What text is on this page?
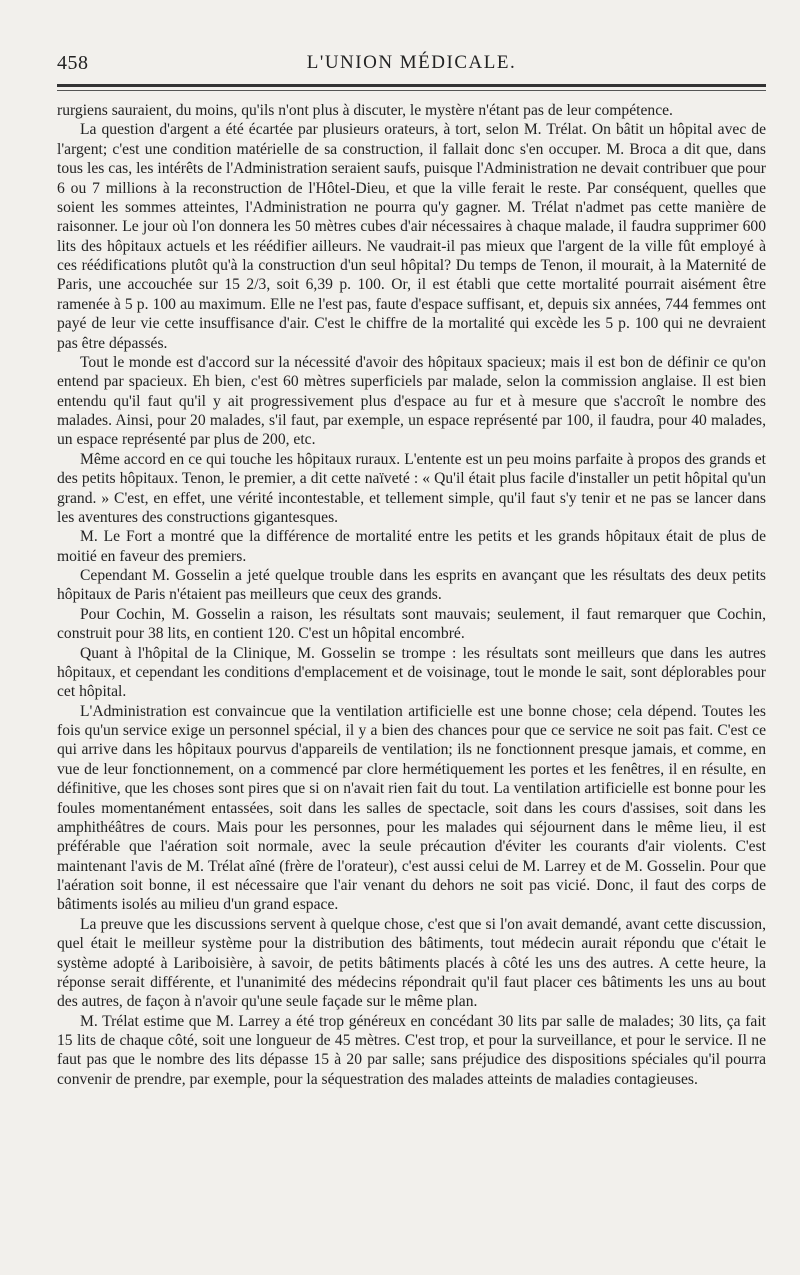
458	L'UNION MÉDICALE.

rurgiens sauraient, du moins, qu'ils n'ont plus à discuter, le mystère n'étant pas de leur compétence.

La question d'argent a été écartée par plusieurs orateurs, à tort, selon M. Trélat. On bâtit un hôpital avec de l'argent; c'est une condition matérielle de sa construction, il fallait donc s'en occuper. M. Broca a dit que, dans tous les cas, les intérêts de l'Administration seraient saufs, puisque l'Administration ne devait contribuer que pour 6 ou 7 millions à la reconstruction de l'Hôtel-Dieu, et que la ville ferait le reste. Par conséquent, quelles que soient les sommes atteintes, l'Administration ne pourra qu'y gagner. M. Trélat n'admet pas cette manière de raisonner. Le jour où l'on donnera les 50 mètres cubes d'air nécessaires à chaque malade, il faudra supprimer 600 lits des hôpitaux actuels et les réédifier ailleurs. Ne vaudrait-il pas mieux que l'argent de la ville fût employé à ces réédifications plutôt qu'à la construction d'un seul hôpital? Du temps de Tenon, il mourait, à la Maternité de Paris, une accouchée sur 15 2/3, soit 6,39 p. 100. Or, il est établi que cette mortalité pourrait aisément être ramenée à 5 p. 100 au maximum. Elle ne l'est pas, faute d'espace suffisant, et, depuis six années, 744 femmes ont payé de leur vie cette insuffisance d'air. C'est le chiffre de la mortalité qui excède les 5 p. 100 qui ne devraient pas être dépassés.

Tout le monde est d'accord sur la nécessité d'avoir des hôpitaux spacieux; mais il est bon de définir ce qu'on entend par spacieux. Eh bien, c'est 60 mètres superficiels par malade, selon la commission anglaise. Il est bien entendu qu'il faut qu'il y ait progressivement plus d'espace au fur et à mesure que s'accroît le nombre des malades. Ainsi, pour 20 malades, s'il faut, par exemple, un espace représenté par 100, il faudra, pour 40 malades, un espace représenté par plus de 200, etc.

Même accord en ce qui touche les hôpitaux ruraux. L'entente est un peu moins parfaite à propos des grands et des petits hôpitaux. Tenon, le premier, a dit cette naïveté : « Qu'il était plus facile d'installer un petit hôpital qu'un grand. » C'est, en effet, une vérité incontestable, et tellement simple, qu'il faut s'y tenir et ne pas se lancer dans les aventures des constructions gigantesques.

M. Le Fort a montré que la différence de mortalité entre les petits et les grands hôpitaux était de plus de moitié en faveur des premiers.

Cependant M. Gosselin a jeté quelque trouble dans les esprits en avançant que les résultats des deux petits hôpitaux de Paris n'étaient pas meilleurs que ceux des grands.

Pour Cochin, M. Gosselin a raison, les résultats sont mauvais; seulement, il faut remarquer que Cochin, construit pour 38 lits, en contient 120. C'est un hôpital encombré.

Quant à l'hôpital de la Clinique, M. Gosselin se trompe : les résultats sont meilleurs que dans les autres hôpitaux, et cependant les conditions d'emplacement et de voisinage, tout le monde le sait, sont déplorables pour cet hôpital.

L'Administration est convaincue que la ventilation artificielle est une bonne chose; cela dépend. Toutes les fois qu'un service exige un personnel spécial, il y a bien des chances pour que ce service ne soit pas fait. C'est ce qui arrive dans les hôpitaux pourvus d'appareils de ventilation; ils ne fonctionnent presque jamais, et comme, en vue de leur fonctionnement, on a commencé par clore hermétiquement les portes et les fenêtres, il en résulte, en définitive, que les choses sont pires que si on n'avait rien fait du tout. La ventilation artificielle est bonne pour les foules momentanément entassées, soit dans les salles de spectacle, soit dans les cours d'assises, soit dans les amphithéâtres de cours. Mais pour les personnes, pour les malades qui séjournent dans le même lieu, il est préférable que l'aération soit normale, avec la seule précaution d'éviter les courants d'air violents. C'est maintenant l'avis de M. Trélat aîné (frère de l'orateur), c'est aussi celui de M. Larrey et de M. Gosselin. Pour que l'aération soit bonne, il est nécessaire que l'air venant du dehors ne soit pas vicié. Donc, il faut des corps de bâtiments isolés au milieu d'un grand espace.

La preuve que les discussions servent à quelque chose, c'est que si l'on avait demandé, avant cette discussion, quel était le meilleur système pour la distribution des bâtiments, tout médecin aurait répondu que c'était le système adopté à Lariboisière, à savoir, de petits bâtiments placés à côté les uns des autres. A cette heure, la réponse serait différente, et l'unanimité des médecins répondrait qu'il faut placer ces bâtiments les uns au bout des autres, de façon à n'avoir qu'une seule façade sur le même plan.

M. Trélat estime que M. Larrey a été trop généreux en concédant 30 lits par salle de malades; 30 lits, ça fait 15 lits de chaque côté, soit une longueur de 45 mètres. C'est trop, et pour la surveillance, et pour le service. Il ne faut pas que le nombre des lits dépasse 15 à 20 par salle; sans préjudice des dispositions spéciales qu'il pourra convenir de prendre, par exemple, pour la séquestration des malades atteints de maladies contagieuses.
